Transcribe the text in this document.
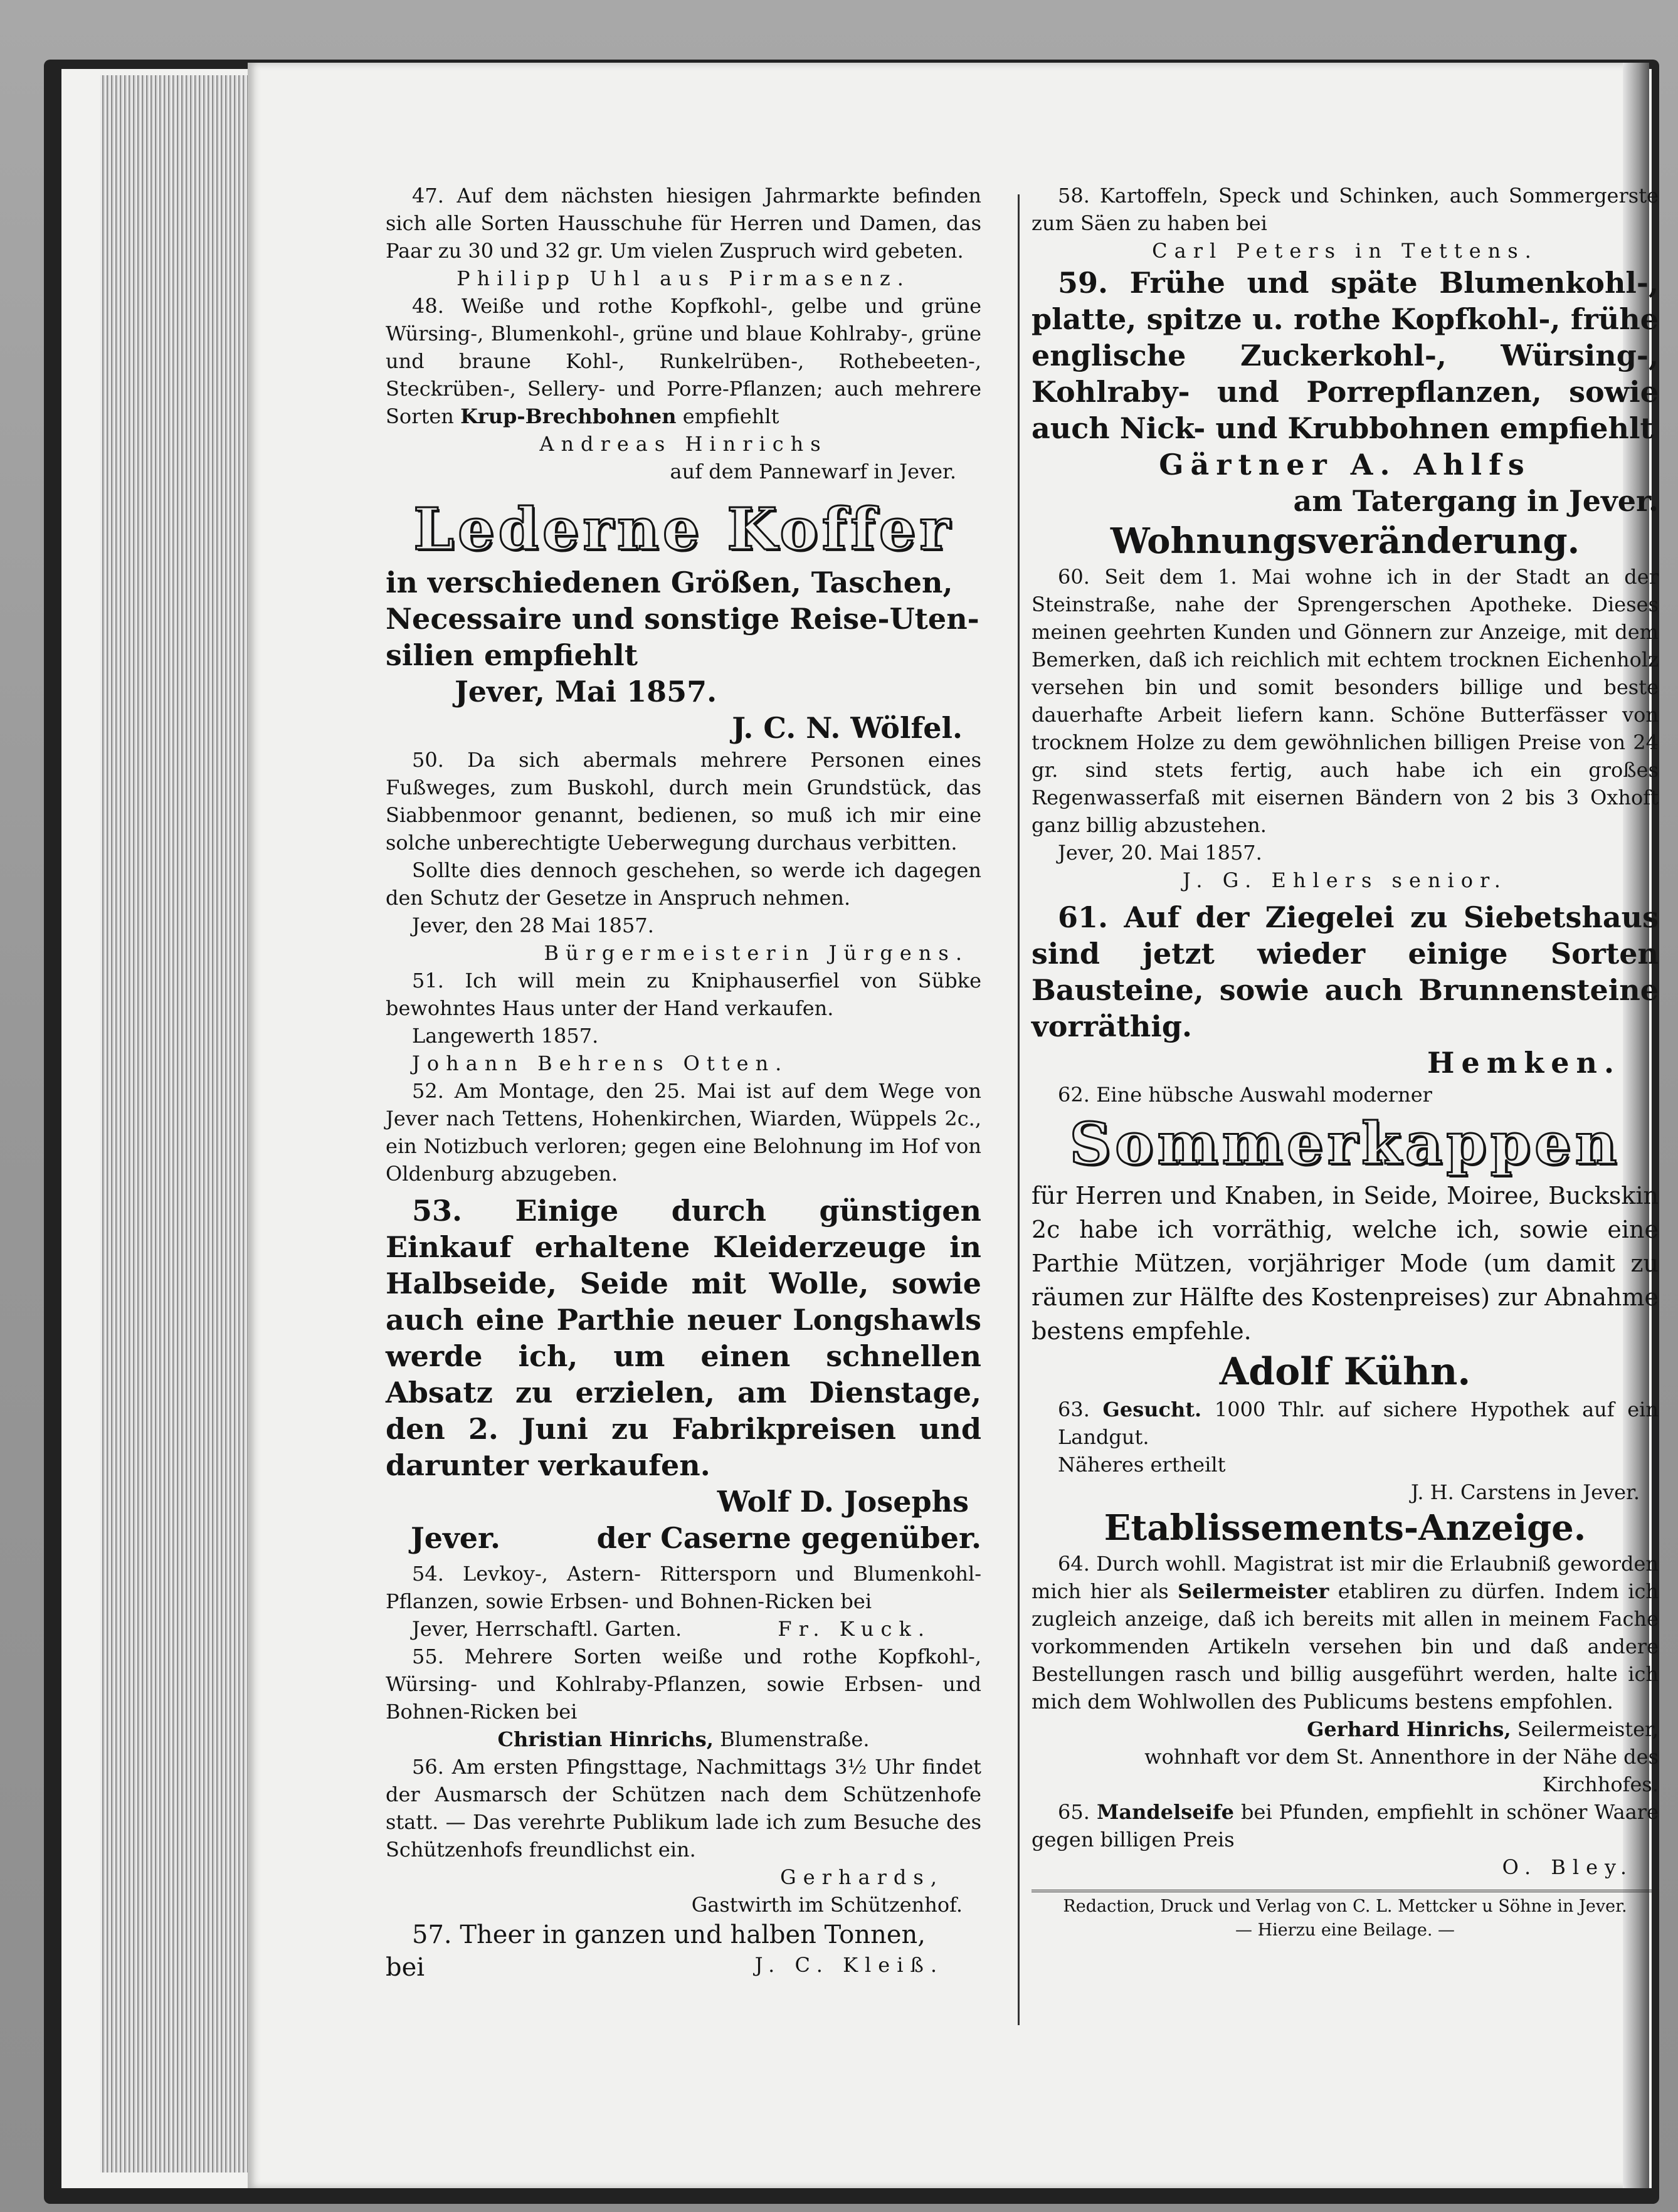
47. Auf dem nächsten hiesigen Jahrmarkte befinden sich alle Sorten Hausschuhe für Herren und Damen, das Paar zu 30 und 32 gr. Um vielen Zuspruch wird gebeten.

Philipp Uhl aus Pirmasenz.

48. Weiße und rothe Kopfkohl-, gelbe und grüne Würsing-, Blumenkohl-, grüne und blaue Kohlraby-, grüne und braune Kohl-, Runkelrüben-, Rothebeeten-, Steckrüben-, Sellery- und Porre-Pflanzen; auch mehrere Sorten Krup-Brechbohnen empfiehlt

Andreas Hinrichs

auf dem Pannewarf in Jever.

Lederne Koffer
in verschiedenen Größen, Taschen,
Necessaire und sonstige Reise-Uten-
silien empfiehlt
Jever, Mai 1857.
J. C. N. Wölfel.

50. Da sich abermals mehrere Personen eines Fußweges, zum Buskohl, durch mein Grundstück, das Siabbenmoor genannt, bedienen, so muß ich mir eine solche unberechtigte Ueberwegung durchaus verbitten.

Sollte dies dennoch geschehen, so werde ich dagegen den Schutz der Gesetze in Anspruch nehmen.

Jever, den 28 Mai 1857.

Bürgermeisterin Jürgens.

51. Ich will mein zu Kniphauserfiel von Sübke bewohntes Haus unter der Hand verkaufen.

Langewerth 1857.

Johann Behrens Otten.

52. Am Montage, den 25. Mai ist auf dem Wege von Jever nach Tettens, Hohenkirchen, Wiarden, Wüppels 2c., ein Notizbuch verloren; gegen eine Belohnung im Hof von Oldenburg abzugeben.

53. Einige durch günstigen Einkauf erhaltene Kleiderzeuge in Halbseide, Seide mit Wolle, sowie auch eine Parthie neuer Longshawls werde ich, um einen schnellen Absatz zu erzielen, am Dienstage, den 2. Juni zu Fabrikpreisen und darunter verkaufen.

Wolf D. Josephs
Jever.	der Caserne gegenüber.

54. Levkoy-, Astern- Rittersporn und Blumenkohl-Pflanzen, sowie Erbsen- und Bohnen-Ricken bei

Jever, Herrschaftl. Garten.	Fr. Kuck.

55. Mehrere Sorten weiße und rothe Kopfkohl-, Würsing- und Kohlraby-Pflanzen, sowie Erbsen- und Bohnen-Ricken bei

Christian Hinrichs, Blumenstraße.

56. Am ersten Pfingsttage, Nachmittags 3½ Uhr findet der Ausmarsch der Schützen nach dem Schützenhofe statt. — Das verehrte Publikum lade ich zum Besuche des Schützenhofs freundlichst ein.

Gerhards,

Gastwirth im Schützenhof.

57. Theer in ganzen und halben Tonnen,

bei	J. C. Kleiß.

58. Kartoffeln, Speck und Schinken, auch Sommergerste zum Säen zu haben bei

Carl Peters in Tettens.

59. Frühe und späte Blumenkohl-, platte, spitze u. rothe Kopfkohl-, frühe englische Zuckerkohl-, Würsing-, Kohlraby- und Porrepflanzen, sowie auch Nick- und Krubbohnen empfiehlt

Gärtner A. Ahlfs
am Tatergang in Jever.
Wohnungsveränderung.

60. Seit dem 1. Mai wohne ich in der Stadt an der Steinstraße, nahe der Sprengerschen Apotheke. Dieses meinen geehrten Kunden und Gönnern zur Anzeige, mit dem Bemerken, daß ich reichlich mit echtem trocknen Eichenholz versehen bin und somit besonders billige und beste dauerhafte Arbeit liefern kann. Schöne Butterfässer von trocknem Holze zu dem gewöhnlichen billigen Preise von 24 gr. sind stets fertig, auch habe ich ein großes Regenwasserfaß mit eisernen Bändern von 2 bis 3 Oxhoft ganz billig abzustehen.

Jever, 20. Mai 1857.

J. G. Ehlers senior.

61. Auf der Ziegelei zu Siebetshaus sind jetzt wieder einige Sorten Bausteine, sowie auch Brunnensteine vorräthig.

Hemken.

62. Eine hübsche Auswahl moderner

Sommerkappen

für Herren und Knaben, in Seide, Moiree, Buckskin 2c habe ich vorräthig, welche ich, sowie eine Parthie Mützen, vorjähriger Mode (um damit zu räumen zur Hälfte des Kostenpreises) zur Abnahme bestens empfehle.

Adolf Kühn.

63. Gesucht. 1000 Thlr. auf sichere Hypothek auf ein Landgut.

Näheres ertheilt

J. H. Carstens in Jever.

Etablissements-Anzeige.

64. Durch wohll. Magistrat ist mir die Erlaubniß geworden mich hier als Seilermeister etabliren zu dürfen. Indem ich zugleich anzeige, daß ich bereits mit allen in meinem Fache vorkommenden Artikeln versehen bin und daß andere Bestellungen rasch und billig ausgeführt werden, halte ich mich dem Wohlwollen des Publicums bestens empfohlen.

Gerhard Hinrichs, Seilermeister,

wohnhaft vor dem St. Annenthore in der Nähe des Kirchhofes.

65. Mandelseife bei Pfunden, empfiehlt in schöner Waare gegen billigen Preis

O. Bley.

Redaction, Druck und Verlag von C. L. Mettcker u Söhne in Jever.
— Hierzu eine Beilage. —
